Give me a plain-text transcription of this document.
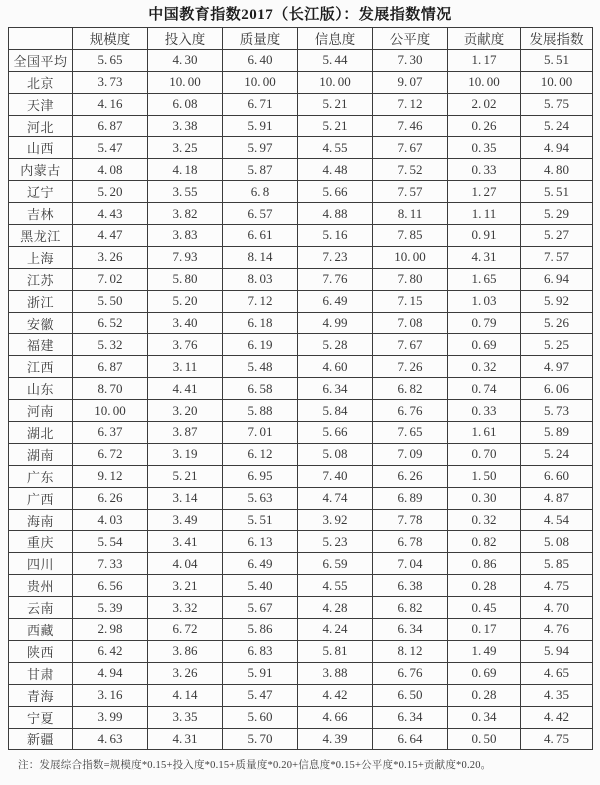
中国教育指数2017（长江版）：发展指数情况
	规模度	投入度	质量度	信息度	公平度	贡献度	发展指数
全国平均	5. 65	4. 30	6. 40	5. 44	7. 30	1. 17	5. 51
北京	3. 73	10. 00	10. 00	10. 00	9. 07	10. 00	10. 00
天津	4. 16	6. 08	6. 71	5. 21	7. 12	2. 02	5. 75
河北	6. 87	3. 38	5. 91	5. 21	7. 46	0. 26	5. 24
山西	5. 47	3. 25	5. 97	4. 55	7. 67	0. 35	4. 94
内蒙古	4. 08	4. 18	5. 87	4. 48	7. 52	0. 33	4. 80
辽宁	5. 20	3. 55	6. 8	5. 66	7. 57	1. 27	5. 51
吉林	4. 43	3. 82	6. 57	4. 88	8. 11	1. 11	5. 29
黑龙江	4. 47	3. 83	6. 61	5. 16	7. 85	0. 91	5. 27
上海	3. 26	7. 93	8. 14	7. 23	10. 00	4. 31	7. 57
江苏	7. 02	5. 80	8. 03	7. 76	7. 80	1. 65	6. 94
浙江	5. 50	5. 20	7. 12	6. 49	7. 15	1. 03	5. 92
安徽	6. 52	3. 40	6. 18	4. 99	7. 08	0. 79	5. 26
福建	5. 32	3. 76	6. 19	5. 28	7. 67	0. 69	5. 25
江西	6. 87	3. 11	5. 48	4. 60	7. 26	0. 32	4. 97
山东	8. 70	4. 41	6. 58	6. 34	6. 82	0. 74	6. 06
河南	10. 00	3. 20	5. 88	5. 84	6. 76	0. 33	5. 73
湖北	6. 37	3. 87	7. 01	5. 66	7. 65	1. 61	5. 89
湖南	6. 72	3. 19	6. 12	5. 08	7. 09	0. 70	5. 24
广东	9. 12	5. 21	6. 95	7. 40	6. 26	1. 50	6. 60
广西	6. 26	3. 14	5. 63	4. 74	6. 89	0. 30	4. 87
海南	4. 03	3. 49	5. 51	3. 92	7. 78	0. 32	4. 54
重庆	5. 54	3. 41	6. 13	5. 23	6. 78	0. 82	5. 08
四川	7. 33	4. 04	6. 49	6. 59	7. 04	0. 86	5. 85
贵州	6. 56	3. 21	5. 40	4. 55	6. 38	0. 28	4. 75
云南	5. 39	3. 32	5. 67	4. 28	6. 82	0. 45	4. 70
西藏	2. 98	6. 72	5. 86	4. 24	6. 34	0. 17	4. 76
陕西	6. 42	3. 86	6. 83	5. 81	8. 12	1. 49	5. 94
甘肃	4. 94	3. 26	5. 91	3. 88	6. 76	0. 69	4. 65
青海	3. 16	4. 14	5. 47	4. 42	6. 50	0. 28	4. 35
宁夏	3. 99	3. 35	5. 60	4. 66	6. 34	0. 34	4. 42
新疆	4. 63	4. 31	5. 70	4. 39	6. 64	0. 50	4. 75
注：发展综合指数=规模度*0.15+投入度*0.15+质量度*0.20+信息度*0.15+公平度*0.15+贡献度*0.20。
